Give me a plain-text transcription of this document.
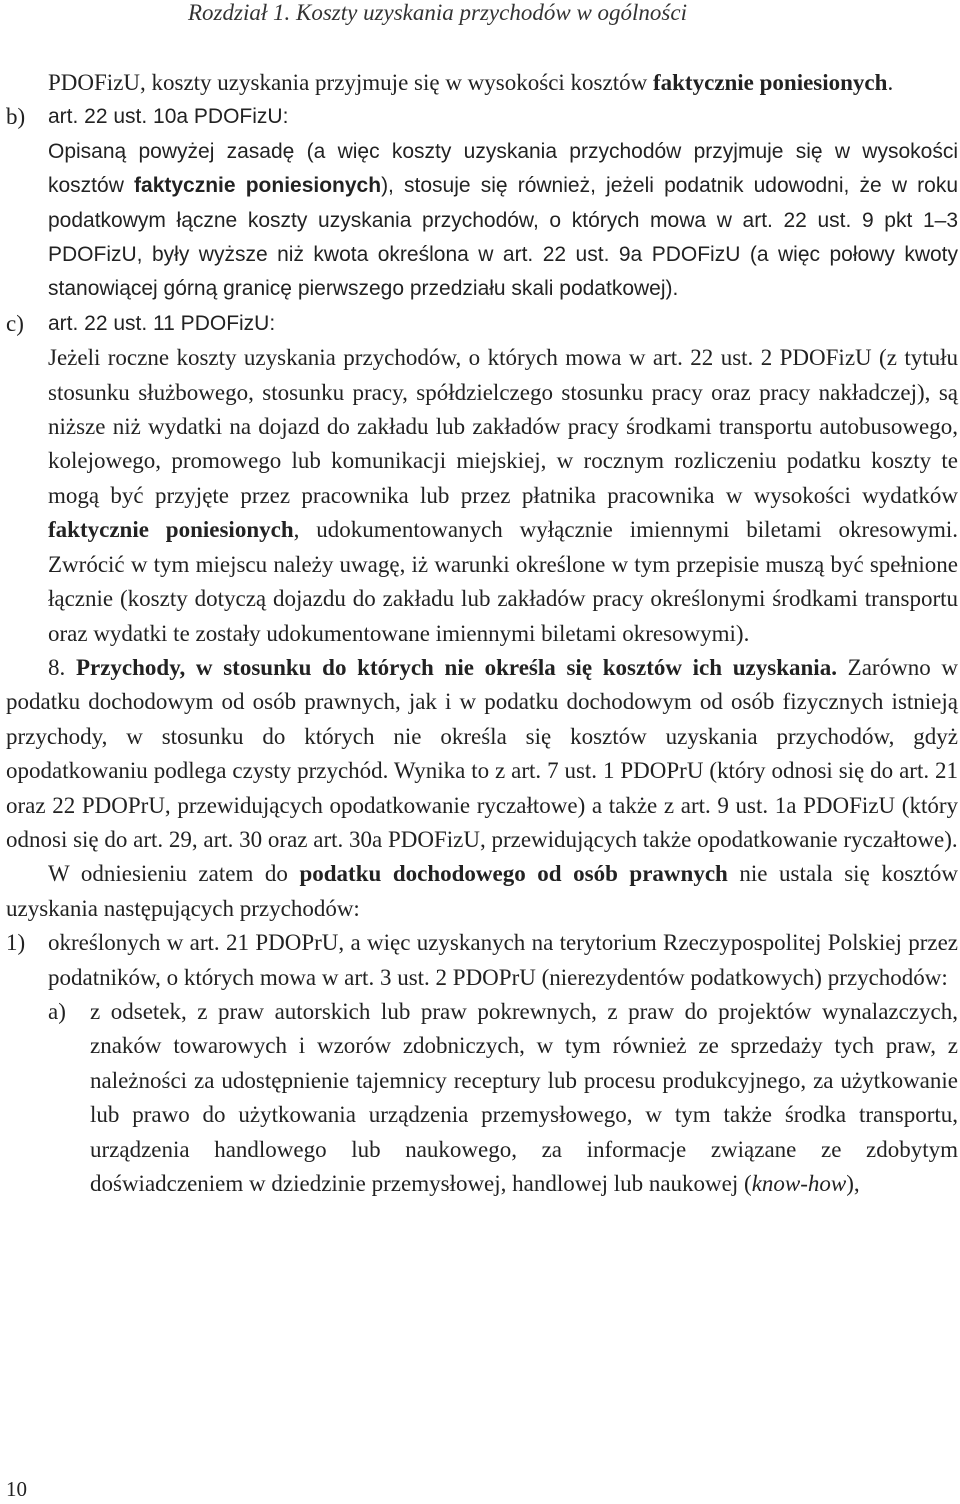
Rozdział 1. Koszty uzyskania przychodów w ogólności
PDOFizU, koszty uzyskania przyjmuje się w wysokości kosztów faktycznie poniesionych.
b) art. 22 ust. 10a PDOFizU:
Opisaną powyżej zasadę (a więc koszty uzyskania przychodów przyjmuje się w wysokości kosztów faktycznie poniesionych), stosuje się również, jeżeli podatnik udowodni, że w roku podatkowym łączne koszty uzyskania przychodów, o których mowa w art. 22 ust. 9 pkt 1–3 PDOFizU, były wyższe niż kwota określona w art. 22 ust. 9a PDOFizU (a więc połowy kwoty stanowiącej górną granicę pierwszego przedziału skali podatkowej).
c) art. 22 ust. 11 PDOFizU:
Jeżeli roczne koszty uzyskania przychodów, o których mowa w art. 22 ust. 2 PDOFizU (z tytułu stosunku służbowego, stosunku pracy, spółdzielczego stosunku pracy oraz pracy nakładczej), są niższe niż wydatki na dojazd do zakładu lub zakładów pracy środkami transportu autobusowego, kolejowego, promowego lub komunikacji miejskiej, w rocznym rozliczeniu podatku koszty te mogą być przyjęte przez pracownika lub przez płatnika pracownika w wysokości wydatków faktycznie poniesionych, udokumentowanych wyłącznie imiennymi biletami okresowymi. Zwrócić w tym miejscu należy uwagę, iż warunki określone w tym przepisie muszą być spełnione łącznie (koszty dotyczą dojazdu do zakładu lub zakładów pracy określonymi środkami transportu oraz wydatki te zostały udokumentowane imiennymi biletami okresowymi).
8. Przychody, w stosunku do których nie określa się kosztów ich uzyskania. Zarówno w podatku dochodowym od osób prawnych, jak i w podatku dochodowym od osób fizycznych istnieją przychody, w stosunku do których nie określa się kosztów uzyskania przychodów, gdyż opodatkowaniu podlega czysty przychód. Wynika to z art. 7 ust. 1 PDOPrU (który odnosi się do art. 21 oraz 22 PDOPrU, przewidujących opodatkowanie ryczałtowe) a także z art. 9 ust. 1a PDOFizU (który odnosi się do art. 29, art. 30 oraz art. 30a PDOFizU, przewidujących także opodatkowanie ryczałtowe).
W odniesieniu zatem do podatku dochodowego od osób prawnych nie ustala się kosztów uzyskania następujących przychodów:
1) określonych w art. 21 PDOPrU, a więc uzyskanych na terytorium Rzeczypospolitej Polskiej przez podatników, o których mowa w art. 3 ust. 2 PDOPrU (nierezydentów podatkowych) przychodów:
a) z odsetek, z praw autorskich lub praw pokrewnych, z praw do projektów wynalazczych, znaków towarowych i wzorów zdobniczych, w tym również ze sprzedaży tych praw, z należności za udostępnienie tajemnicy receptury lub procesu produkcyjnego, za użytkowanie lub prawo do użytkowania urządzenia przemysłowego, w tym także środka transportu, urządzenia handlowego lub naukowego, za informacje związane ze zdobytym doświadczeniem w dziedzinie przemysłowej, handlowej lub naukowej (know-how),
10
